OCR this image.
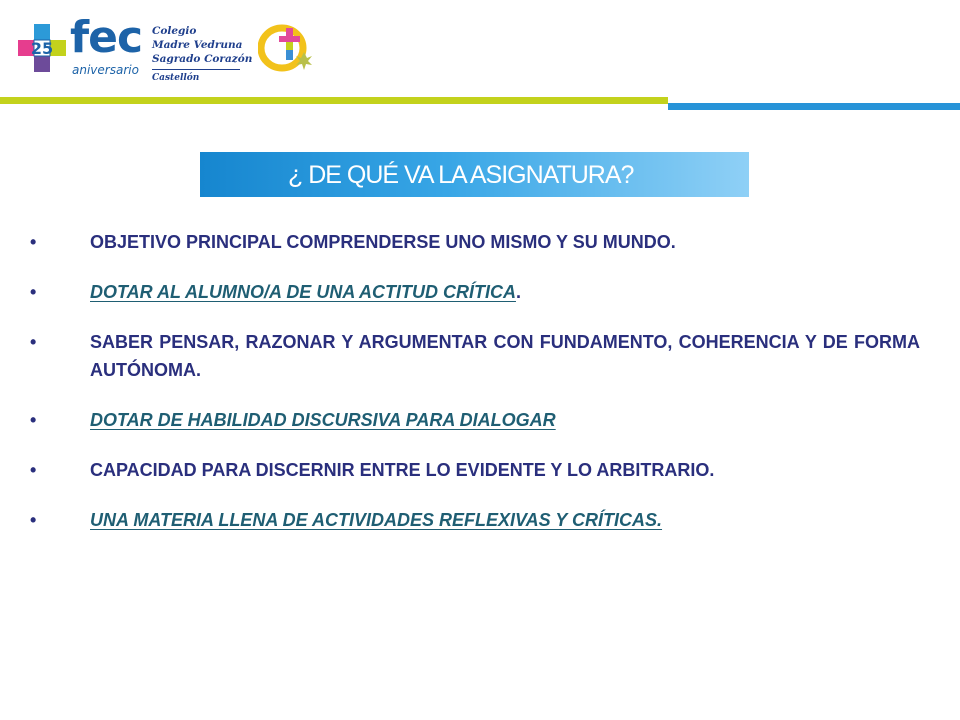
25 fec
aniversario
Colegio
Madre Vedruna
Sagrado Corazón
Castellón
¿ DE QUÉ VA LA ASIGNATURA?
•	OBJETIVO PRINCIPAL COMPRENDERSE UNO MISMO Y SU MUNDO.
•	DOTAR AL ALUMNO/A DE UNA ACTITUD CRÍTICA.
•	SABER PENSAR, RAZONAR Y ARGUMENTAR CON FUNDAMENTO, COHERENCIA Y DE FORMA AUTÓNOMA.
•	DOTAR DE HABILIDAD DISCURSIVA PARA DIALOGAR
•	CAPACIDAD PARA DISCERNIR ENTRE LO EVIDENTE Y LO ARBITRARIO.
•	UNA MATERIA LLENA DE ACTIVIDADES REFLEXIVAS Y CRÍTICAS.
